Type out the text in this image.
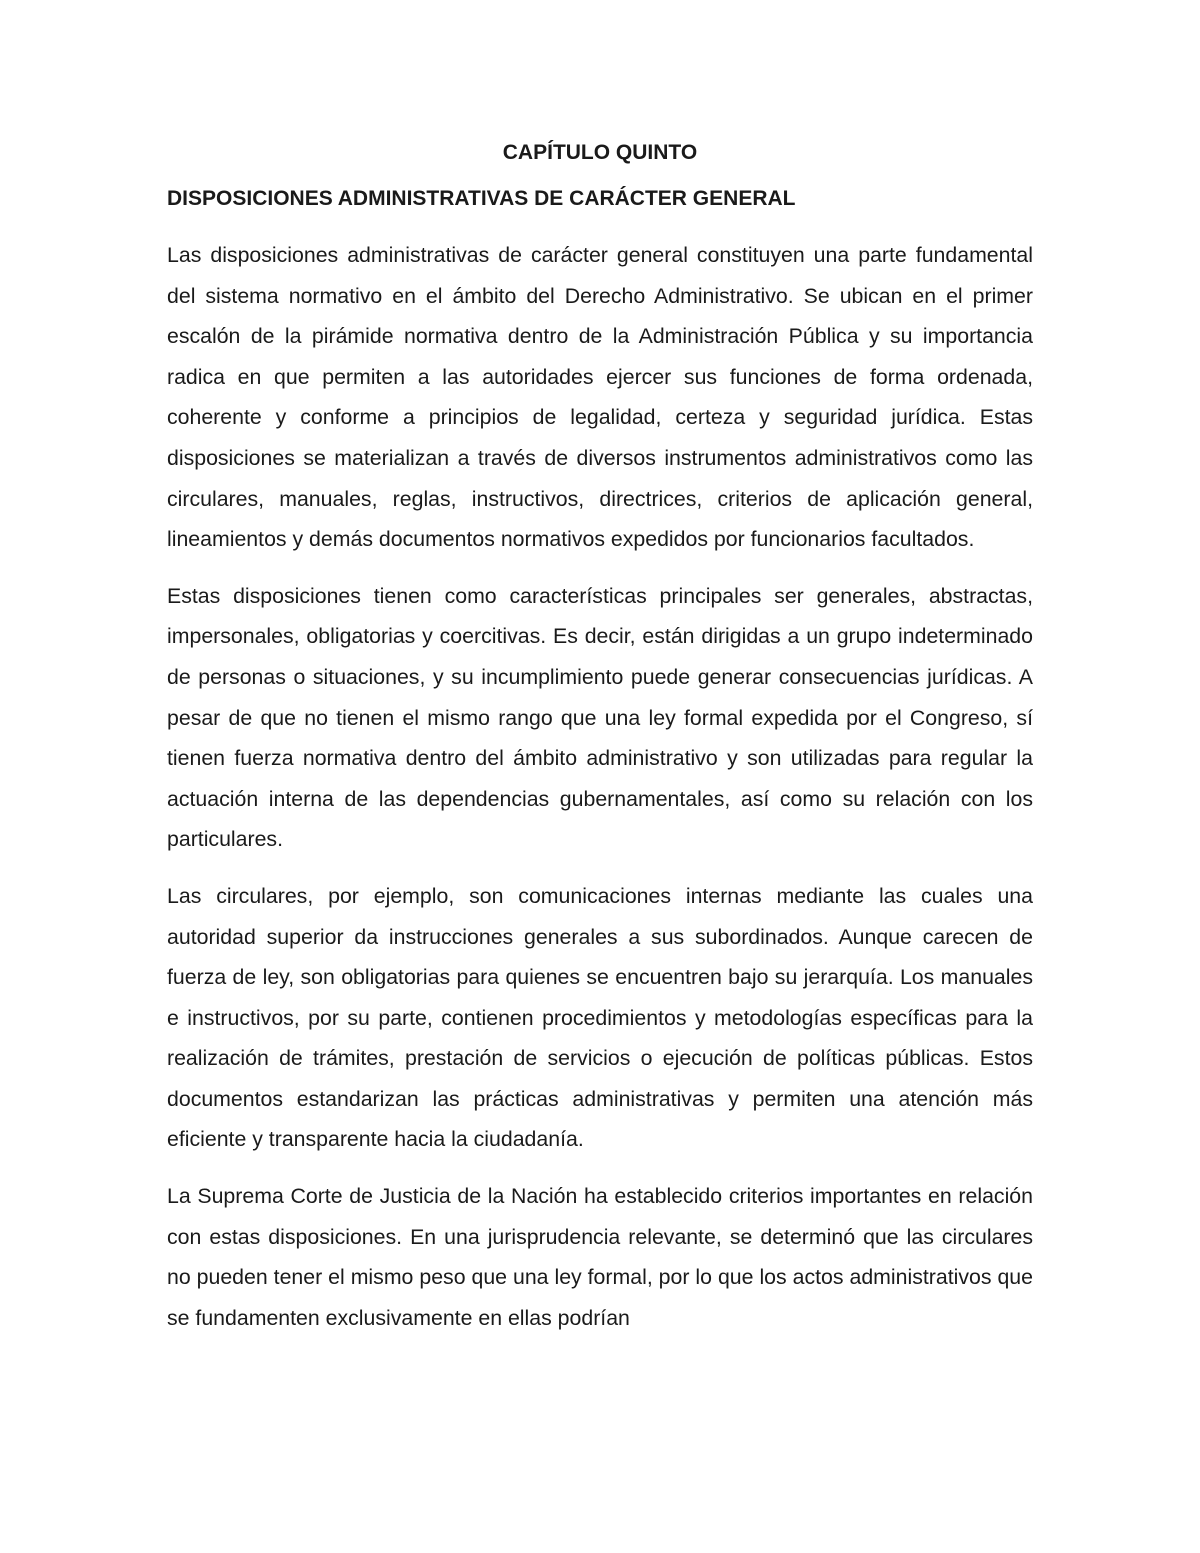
CAPÍTULO QUINTO
DISPOSICIONES ADMINISTRATIVAS DE CARÁCTER GENERAL

Las disposiciones administrativas de carácter general constituyen una parte fundamental del sistema normativo en el ámbito del Derecho Administrativo. Se ubican en el primer escalón de la pirámide normativa dentro de la Administración Pública y su importancia radica en que permiten a las autoridades ejercer sus funciones de forma ordenada, coherente y conforme a principios de legalidad, certeza y seguridad jurídica. Estas disposiciones se materializan a través de diversos instrumentos administrativos como las circulares, manuales, reglas, instructivos, directrices, criterios de aplicación general, lineamientos y demás documentos normativos expedidos por funcionarios facultados.

Estas disposiciones tienen como características principales ser generales, abstractas, impersonales, obligatorias y coercitivas. Es decir, están dirigidas a un grupo indeterminado de personas o situaciones, y su incumplimiento puede generar consecuencias jurídicas. A pesar de que no tienen el mismo rango que una ley formal expedida por el Congreso, sí tienen fuerza normativa dentro del ámbito administrativo y son utilizadas para regular la actuación interna de las dependencias gubernamentales, así como su relación con los particulares.

Las circulares, por ejemplo, son comunicaciones internas mediante las cuales una autoridad superior da instrucciones generales a sus subordinados. Aunque carecen de fuerza de ley, son obligatorias para quienes se encuentren bajo su jerarquía. Los manuales e instructivos, por su parte, contienen procedimientos y metodologías específicas para la realización de trámites, prestación de servicios o ejecución de políticas públicas. Estos documentos estandarizan las prácticas administrativas y permiten una atención más eficiente y transparente hacia la ciudadanía.

La Suprema Corte de Justicia de la Nación ha establecido criterios importantes en relación con estas disposiciones. En una jurisprudencia relevante, se determinó que las circulares no pueden tener el mismo peso que una ley formal, por lo que los actos administrativos que se fundamenten exclusivamente en ellas podrían
